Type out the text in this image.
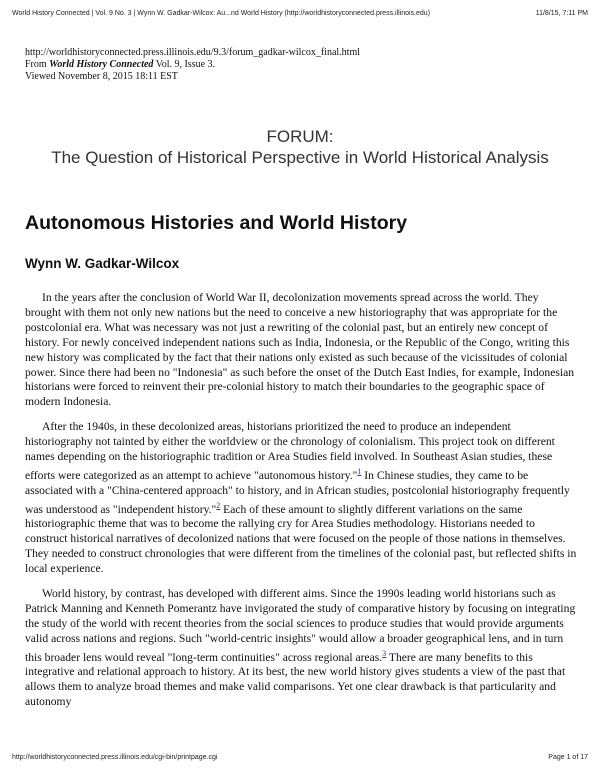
World History Connected | Vol. 9 No. 3 | Wynn W. Gadkar-Wilcox: Au...nd World History (http://worldhistoryconnected.press.illinois.edu)	11/8/15, 7:11 PM
http://worldhistoryconnected.press.illinois.edu/9.3/forum_gadkar-wilcox_final.html
From World History Connected Vol. 9, Issue 3.
Viewed November 8, 2015 18:11 EST
FORUM:
The Question of Historical Perspective in World Historical Analysis
Autonomous Histories and World History
Wynn W. Gadkar-Wilcox

In the years after the conclusion of World War II, decolonization movements spread across the world. They brought with them not only new nations but the need to conceive a new historiography that was appropriate for the postcolonial era. What was necessary was not just a rewriting of the colonial past, but an entirely new concept of history. For newly conceived independent nations such as India, Indonesia, or the Republic of the Congo, writing this new history was complicated by the fact that their nations only existed as such because of the vicissitudes of colonial power. Since there had been no "Indonesia" as such before the onset of the Dutch East Indies, for example, Indonesian historians were forced to reinvent their pre-colonial history to match their boundaries to the geographic space of modern Indonesia.

After the 1940s, in these decolonized areas, historians prioritized the need to produce an independent historiography not tainted by either the worldview or the chronology of colonialism. This project took on different names depending on the historiographic tradition or Area Studies field involved. In Southeast Asian studies, these efforts were categorized as an attempt to achieve "autonomous history."$^1$ In Chinese studies, they came to be associated with a "China-centered approach" to history, and in African studies, postcolonial historiography frequently was understood as "independent history."$^2$ Each of these amount to slightly different variations on the same historiographic theme that was to become the rallying cry for Area Studies methodology. Historians needed to construct historical narratives of decolonized nations that were focused on the people of those nations in themselves. They needed to construct chronologies that were different from the timelines of the colonial past, but reflected shifts in local experience.

World history, by contrast, has developed with different aims. Since the 1990s leading world historians such as Patrick Manning and Kenneth Pomerantz have invigorated the study of comparative history by focusing on integrating the study of the world with recent theories from the social sciences to produce studies that would provide arguments valid across nations and regions. Such "world-centric insights" would allow a broader geographical lens, and in turn this broader lens would reveal "long-term continuities" across regional areas.$^3$ There are many benefits to this integrative and relational approach to history. At its best, the new world history gives students a view of the past that allows them to analyze broad themes and make valid comparisons. Yet one clear drawback is that particularity and autonomy

http://worldhistoryconnected.press.illinois.edu/cgi-bin/printpage.cgi	Page 1 of 17
